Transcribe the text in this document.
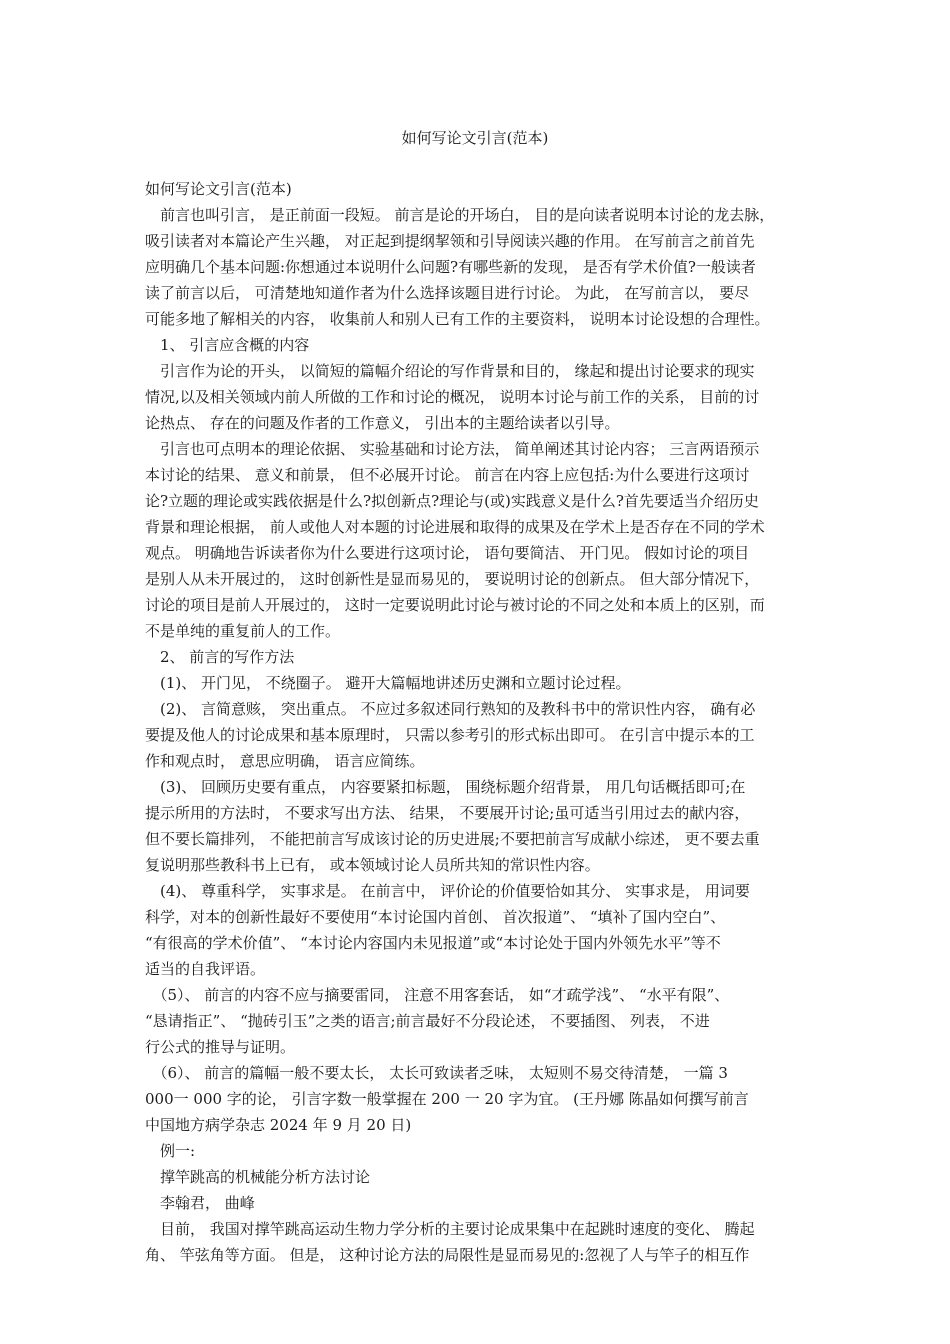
如何写论文引言(范本)
如何写论文引言(范本)
　前言也叫引言， 是正前面一段短。 前言是论的开场白， 目的是向读者说明本讨论的龙去脉，
吸引读者对本篇论产生兴趣， 对正起到提纲挈领和引导阅读兴趣的作用。 在写前言之前首先
应明确几个基本问题:你想通过本说明什么问题?有哪些新的发现， 是否有学术价值?一般读者
读了前言以后， 可清楚地知道作者为什么选择该题目进行讨论。 为此， 在写前言以， 要尽
可能多地了解相关的内容， 收集前人和别人已有工作的主要资料， 说明本讨论设想的合理性。
　1、 引言应含概的内容
　引言作为论的开头， 以简短的篇幅介绍论的写作背景和目的， 缘起和提出讨论要求的现实
情况,以及相关领域内前人所做的工作和讨论的概况， 说明本讨论与前工作的关系， 目前的讨
论热点、 存在的问题及作者的工作意义， 引出本的主题给读者以引导。
　引言也可点明本的理论依据、 实验基础和讨论方法， 简单阐述其讨论内容； 三言两语预示
本讨论的结果、 意义和前景， 但不必展开讨论。 前言在内容上应包括:为什么要进行这项讨
论?立题的理论或实践依据是什么?拟创新点?理论与(或)实践意义是什么?首先要适当介绍历史
背景和理论根据， 前人或他人对本题的讨论进展和取得的成果及在学术上是否存在不同的学术
观点。 明确地告诉读者你为什么要进行这项讨论， 语句要简洁、 开门见。 假如讨论的项目
是别人从未开展过的， 这时创新性是显而易见的， 要说明讨论的创新点。 但大部分情况下，
讨论的项目是前人开展过的， 这时一定要说明此讨论与被讨论的不同之处和本质上的区别，而
不是单纯的重复前人的工作。
　2、 前言的写作方法
　(1)、 开门见， 不绕圈子。 避开大篇幅地讲述历史渊和立题讨论过程。
　(2)、 言简意赅， 突出重点。 不应过多叙述同行熟知的及教科书中的常识性内容， 确有必
要提及他人的讨论成果和基本原理时， 只需以参考引的形式标出即可。 在引言中提示本的工
作和观点时， 意思应明确， 语言应简练。
　(3)、 回顾历史要有重点， 内容要紧扣标题， 围绕标题介绍背景， 用几句话概括即可;在
提示所用的方法时， 不要求写出方法、 结果， 不要展开讨论;虽可适当引用过去的献内容，
但不要长篇排列， 不能把前言写成该讨论的历史进展;不要把前言写成献小综述， 更不要去重
复说明那些教科书上已有， 或本领域讨论人员所共知的常识性内容。
　(4)、 尊重科学， 实事求是。 在前言中， 评价论的价值要恰如其分、 实事求是， 用词要
科学，对本的创新性最好不要使用“本讨论国内首创、 首次报道”、 “填补了国内空白”、
“有很高的学术价值”、 “本讨论内容国内未见报道”或“本讨论处于国内外领先水平”等不
适当的自我评语。
　（5）、 前言的内容不应与摘要雷同， 注意不用客套话， 如“才疏学浅”、 “水平有限”、
“恳请指正”、 “抛砖引玉”之类的语言;前言最好不分段论述， 不要插图、 列表， 不进
行公式的推导与证明。
　（6）、 前言的篇幅一般不要太长， 太长可致读者乏味， 太短则不易交待清楚， 一篇 3
000一 000 字的论， 引言字数一般掌握在 200 一 20 字为宜。 (王丹娜 陈晶如何撰写前言
中国地方病学杂志 2024 年 9 月 20 日)
　例一:
　撑竿跳高的机械能分析方法讨论
　李翰君， 曲峰
　目前， 我国对撑竿跳高运动生物力学分析的主要讨论成果集中在起跳时速度的变化、 腾起
角、 竿弦角等方面。 但是， 这种讨论方法的局限性是显而易见的:忽视了人与竿子的相互作
